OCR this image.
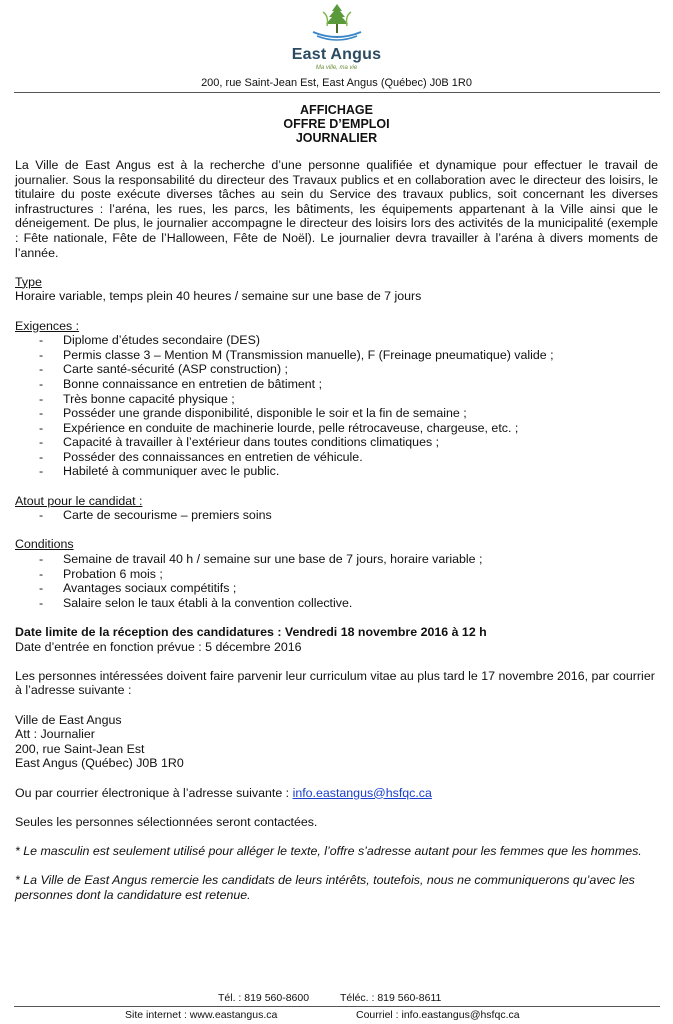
East Angus
Ma ville, ma vie
200, rue Saint-Jean Est, East Angus (Québec) J0B 1R0
AFFICHAGE
OFFRE D’EMPLOI
JOURNALIER

La Ville de East Angus est à la recherche d’une personne qualifiée et dynamique pour effectuer le travail de journalier. Sous la responsabilité du directeur des Travaux publics et en collaboration avec le directeur des loisirs, le titulaire du poste exécute diverses tâches au sein du Service des travaux publics, soit concernant les diverses infrastructures : l’aréna, les rues, les parcs, les bâtiments, les équipements appartenant à la Ville ainsi que le déneigement. De plus, le journalier accompagne le directeur des loisirs lors des activités de la municipalité (exemple : Fête nationale, Fête de l’Halloween, Fête de Noël). Le journalier devra travailler à l’aréna à divers moments de l’année.

Type

Horaire variable, temps plein 40 heures / semaine sur une base de 7 jours

Exigences :

- Diplome d’études secondaire (DES)
- Permis classe 3 – Mention M (Transmission manuelle), F (Freinage pneumatique) valide ;
- Carte santé-sécurité (ASP construction) ;
- Bonne connaissance en entretien de bâtiment ;
- Très bonne capacité physique ;
- Posséder une grande disponibilité, disponible le soir et la fin de semaine ;
- Expérience en conduite de machinerie lourde, pelle rétrocaveuse, chargeuse, etc. ;
- Capacité à travailler à l’extérieur dans toutes conditions climatiques ;
- Posséder des connaissances en entretien de véhicule.
- Habileté à communiquer avec le public.

Atout pour le candidat :

- Carte de secourisme – premiers soins

Conditions

- Semaine de travail 40 h / semaine sur une base de 7 jours, horaire variable ;
- Probation 6 mois ;
- Avantages sociaux compétitifs ;
- Salaire selon le taux établi à la convention collective.

Date limite de la réception des candidatures : Vendredi 18 novembre 2016 à 12 h

Date d’entrée en fonction prévue : 5 décembre 2016

Les personnes intéressées doivent faire parvenir leur curriculum vitae au plus tard le 17 novembre 2016, par courrier à l’adresse suivante :

Ville de East Angus

Att : Journalier

200, rue Saint-Jean Est

East Angus (Québec) J0B 1R0

Ou par courrier électronique à l’adresse suivante : info.eastangus@hsfqc.ca

Seules les personnes sélectionnées seront contactées.

* Le masculin est seulement utilisé pour alléger le texte, l’offre s’adresse autant pour les femmes que les hommes.

* La Ville de East Angus remercie les candidats de leurs intérêts, toutefois, nous ne communiquerons qu’avec les personnes dont la candidature est retenue.

Tél. : 819 560-8600	Téléc. : 819 560-8611
Site internet : www.eastangus.ca	Courriel : info.eastangus@hsfqc.ca
